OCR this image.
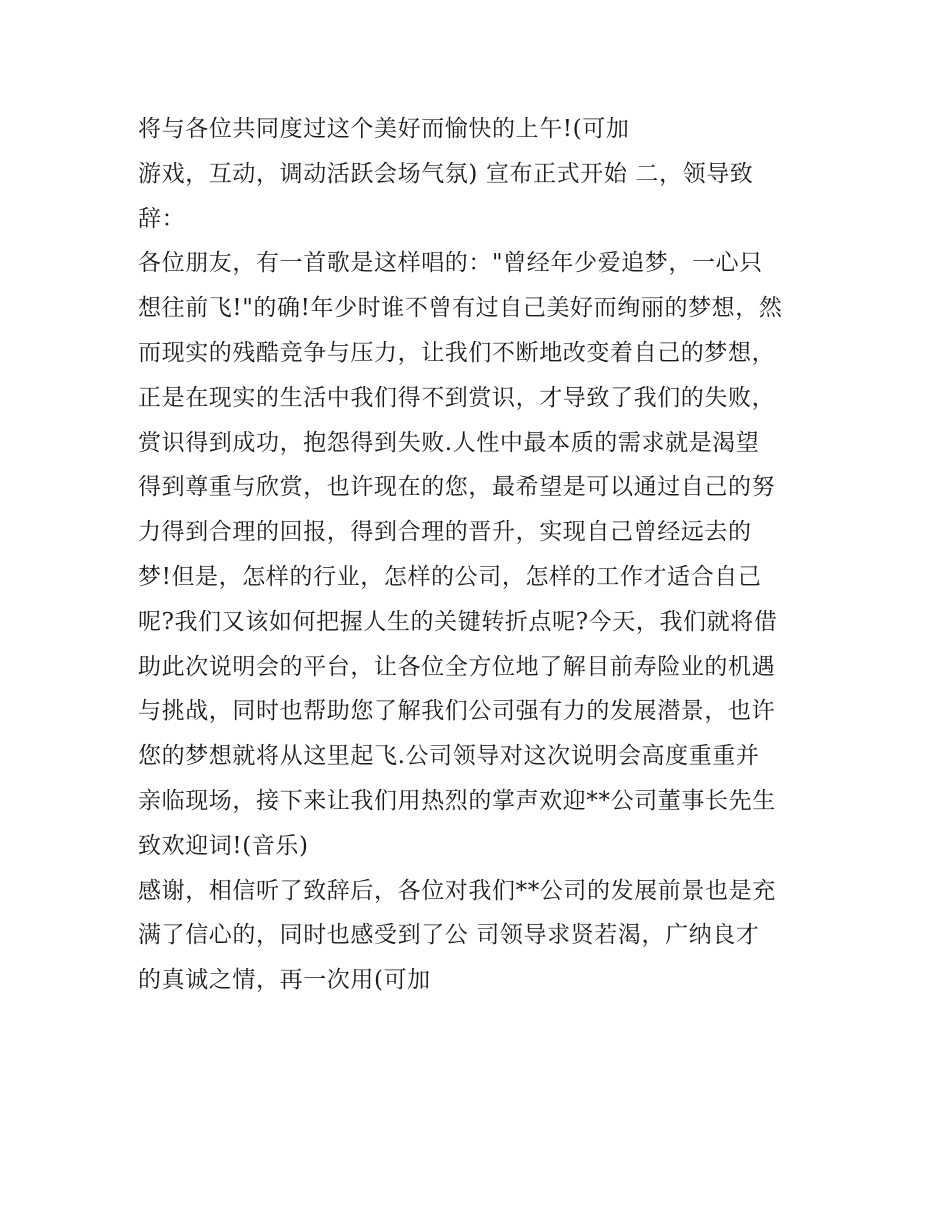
将与各位共同度过这个美好而愉快的上午!(可加
游戏，互动，调动活跃会场气氛) 宣布正式开始 二，领导致
辞：
各位朋友，有一首歌是这样唱的："曾经年少爱追梦，一心只
想往前飞!"的确!年少时谁不曾有过自己美好而绚丽的梦想，然
而现实的残酷竞争与压力，让我们不断地改变着自己的梦想，
正是在现实的生活中我们得不到赏识，才导致了我们的失败，
赏识得到成功，抱怨得到失败.人性中最本质的需求就是渴望
得到尊重与欣赏，也许现在的您，最希望是可以通过自己的努
力得到合理的回报，得到合理的晋升，实现自己曾经远去的
梦!但是，怎样的行业，怎样的公司，怎样的工作才适合自己
呢?我们又该如何把握人生的关键转折点呢?今天，我们就将借
助此次说明会的平台，让各位全方位地了解目前寿险业的机遇
与挑战，同时也帮助您了解我们公司强有力的发展潜景，也许
您的梦想就将从这里起飞.公司领导对这次说明会高度重重并
亲临现场，接下来让我们用热烈的掌声欢迎**公司董事长先生
致欢迎词!(音乐)
感谢，相信听了致辞后，各位对我们**公司的发展前景也是充
满了信心的，同时也感受到了公 司领导求贤若渴，广纳良才
的真诚之情，再一次用(可加
